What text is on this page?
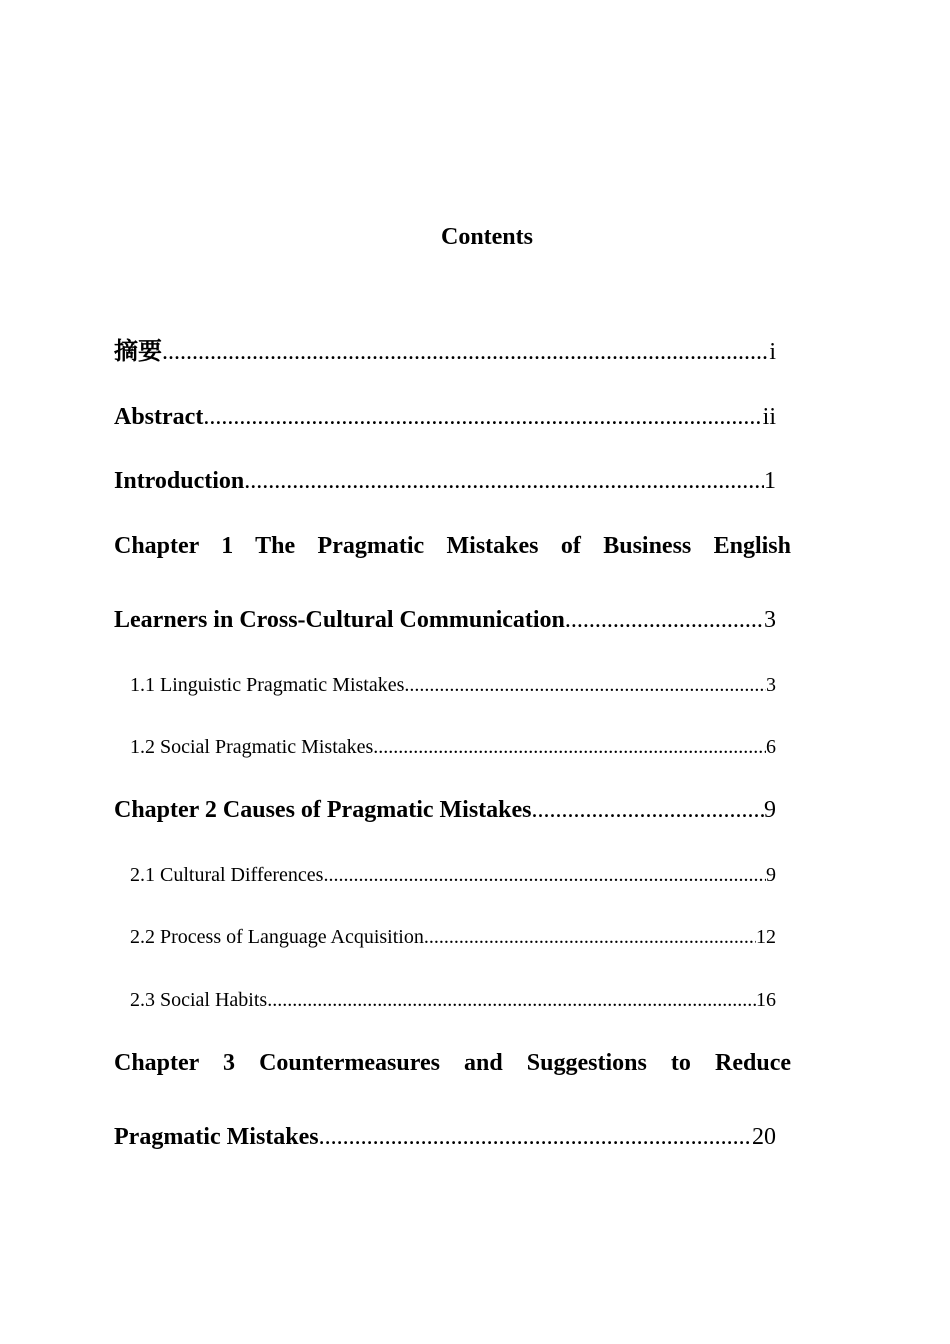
Contents
摘要 .....	i
Abstract .....	ii
Introduction .....	1
Chapter 1 The Pragmatic Mistakes of Business English
Learners in Cross-Cultural Communication .....	3
1.1 Linguistic Pragmatic Mistakes .....	3
1.2 Social Pragmatic Mistakes .....	6
Chapter 2 Causes of Pragmatic Mistakes .....	9
2.1 Cultural Differences .....	9
2.2 Process of Language Acquisition .....	12
2.3 Social Habits .....	16
Chapter 3 Countermeasures and Suggestions to Reduce
Pragmatic Mistakes .....	20
